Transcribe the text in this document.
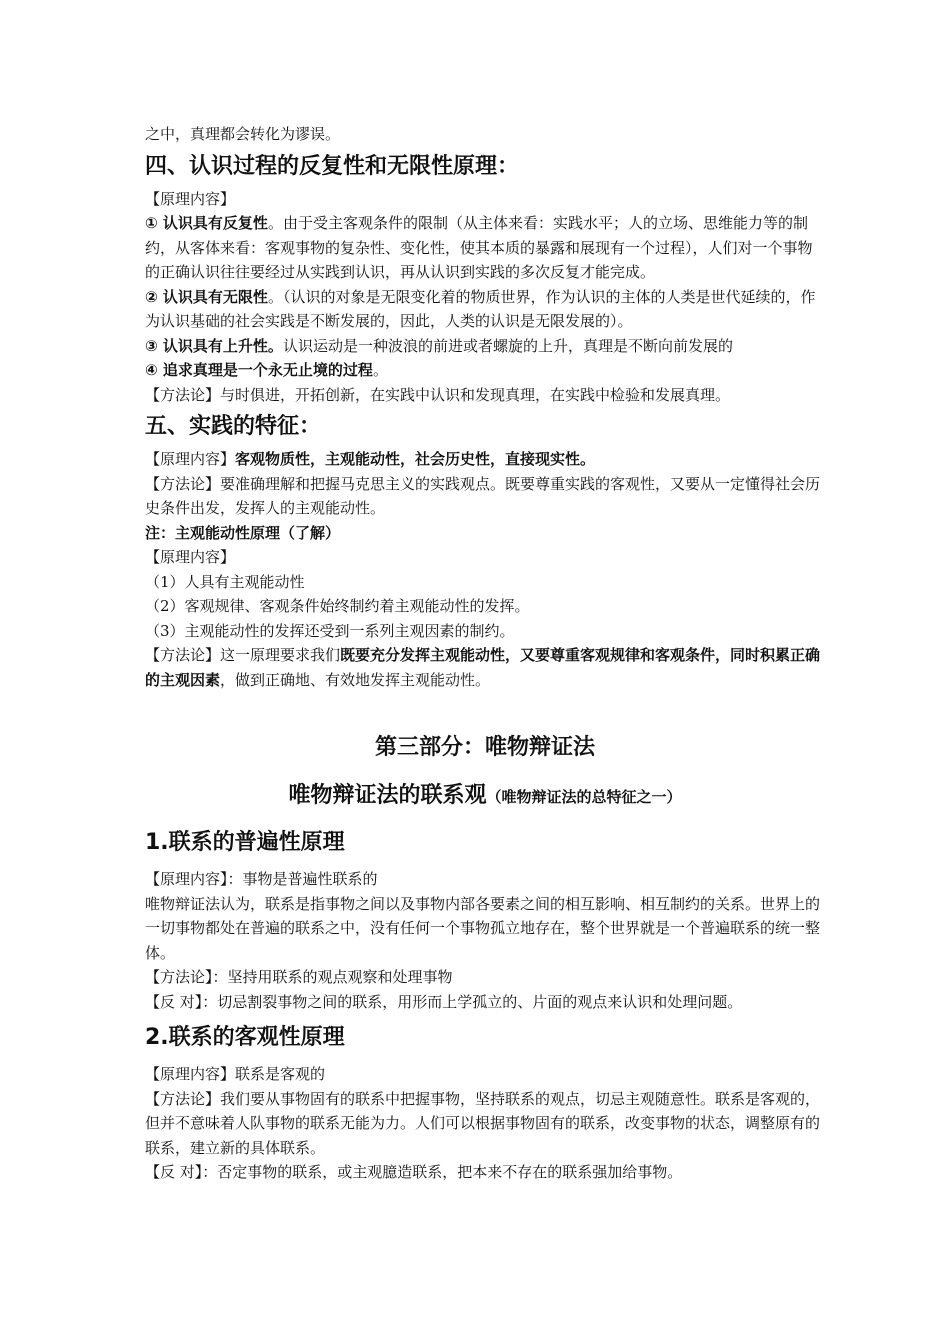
之中，真理都会转化为谬误。

四、认识过程的反复性和无限性原理：

【原理内容】

① 认识具有反复性。由于受主客观条件的限制（从主体来看：实践水平；人的立场、思维能力等的制约，从客体来看：客观事物的复杂性、变化性，使其本质的暴露和展现有一个过程），人们对一个事物的正确认识往往要经过从实践到认识，再从认识到实践的多次反复才能完成。

② 认识具有无限性。（认识的对象是无限变化着的物质世界，作为认识的主体的人类是世代延续的，作为认识基础的社会实践是不断发展的，因此，人类的认识是无限发展的）。

③ 认识具有上升性。认识运动是一种波浪的前进或者螺旋的上升，真理是不断向前发展的

④ 追求真理是一个永无止境的过程。

【方法论】与时俱进，开拓创新，在实践中认识和发现真理，在实践中检验和发展真理。

五、实践的特征：

【原理内容】客观物质性，主观能动性，社会历史性，直接现实性。

【方法论】要准确理解和把握马克思主义的实践观点。既要尊重实践的客观性，又要从一定懂得社会历史条件出发，发挥人的主观能动性。

注：主观能动性原理（了解）

【原理内容】

（1）人具有主观能动性

（2）客观规律、客观条件始终制约着主观能动性的发挥。

（3）主观能动性的发挥还受到一系列主观因素的制约。

【方法论】这一原理要求我们既要充分发挥主观能动性，又要尊重客观规律和客观条件，同时积累正确的主观因素，做到正确地、有效地发挥主观能动性。

第三部分：唯物辩证法
唯物辩证法的联系观（唯物辩证法的总特征之一）
1.联系的普遍性原理

【原理内容】：事物是普遍性联系的

唯物辩证法认为，联系是指事物之间以及事物内部各要素之间的相互影响、相互制约的关系。世界上的一切事物都处在普遍的联系之中，没有任何一个事物孤立地存在，整个世界就是一个普遍联系的统一整体。

【方法论】：坚持用联系的观点观察和处理事物

【反 对】：切忌割裂事物之间的联系，用形而上学孤立的、片面的观点来认识和处理问题。

2.联系的客观性原理

【原理内容】联系是客观的

【方法论】我们要从事物固有的联系中把握事物，坚持联系的观点，切忌主观随意性。联系是客观的，但并不意味着人队事物的联系无能为力。人们可以根据事物固有的联系，改变事物的状态，调整原有的联系，建立新的具体联系。

【反 对】：否定事物的联系，或主观臆造联系，把本来不存在的联系强加给事物。
